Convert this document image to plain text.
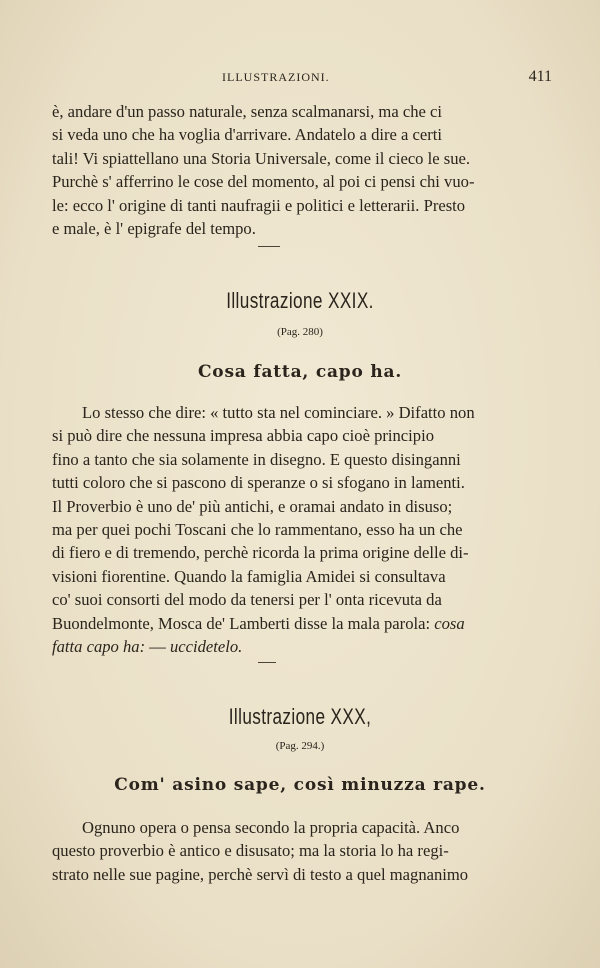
ILLUSTRAZIONI.	411
è, andare d'un passo naturale, senza scalmanarsi, ma che ci
si veda uno che ha voglia d'arrivare. Andatelo a dire a certi
tali! Vi spiattellano una Storia Universale, come il cieco le sue.
Purchè s' afferrino le cose del momento, al poi ci pensi chi vuo-
le: ecco l' origine di tanti naufragii e politici e letterarii. Presto
e male, è l' epigrafe del tempo.
Illustrazione XXIX.
(Pag. 280)
Cosa fatta, capo ha.
Lo stesso che dire: « tutto sta nel cominciare. » Difatto non
si può dire che nessuna impresa abbia capo cioè principio
fino a tanto che sia solamente in disegno. E questo disinganni
tutti coloro che si pascono di speranze o si sfogano in lamenti.
Il Proverbio è uno de' più antichi, e oramai andato in disuso;
ma per quei pochi Toscani che lo rammentano, esso ha un che
di fiero e di tremendo, perchè ricorda la prima origine delle di-
visioni fiorentine. Quando la famiglia Amidei si consultava
co' suoi consorti del modo da tenersi per l' onta ricevuta da
Buondelmonte, Mosca de' Lamberti disse la mala parola: cosa
fatta capo ha: — uccidetelo.
Illustrazione XXX,
(Pag. 294.)
Com' asino sape, così minuzza rape.
Ognuno opera o pensa secondo la propria capacità. Anco
questo proverbio è antico e disusato; ma la storia lo ha regi-
strato nelle sue pagine, perchè servì di testo a quel magnanimo
